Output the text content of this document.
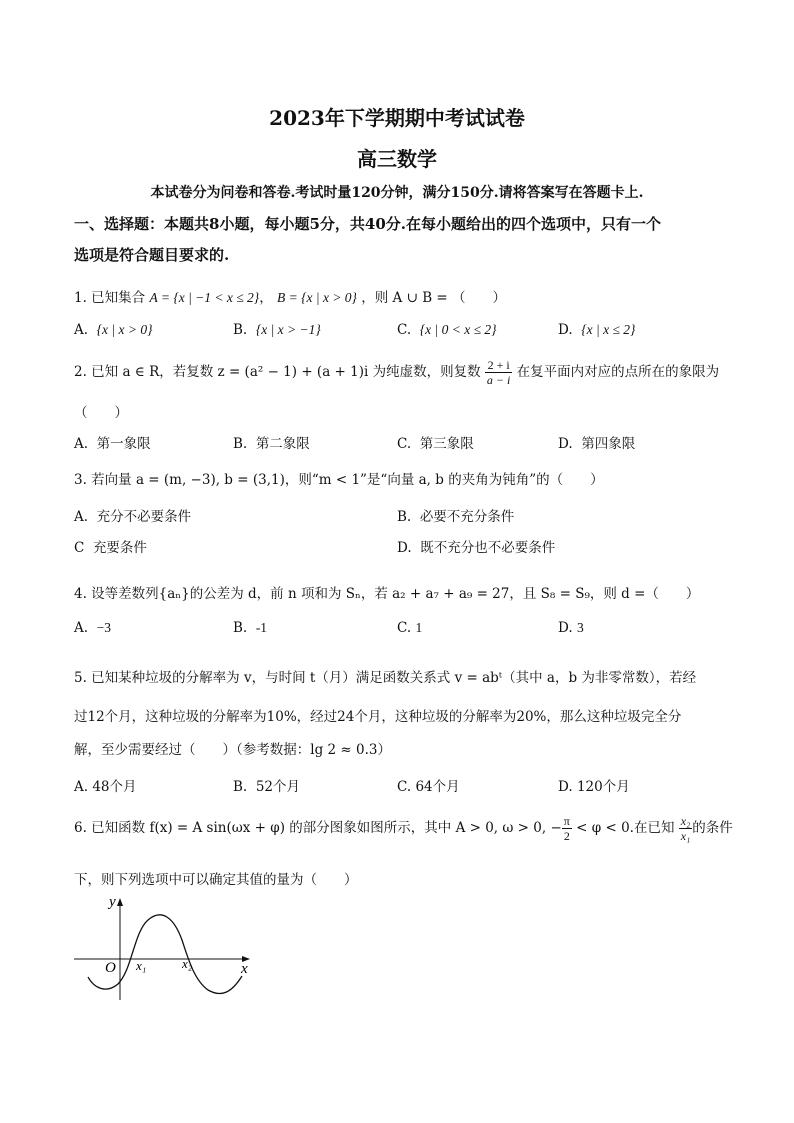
2023年下学期期中考试试卷
高三数学
本试卷分为问卷和答卷.考试时量120分钟，满分150分.请将答案写在答题卡上.
一、选择题：本题共8小题，每小题5分，共40分.在每小题给出的四个选项中，只有一个
选项是符合题目要求的.
1. 已知集合 A = {x | −1 < x ≤ 2}， B = {x | x > 0} ，则 A ∪ B = （　　）
A. {x | x > 0}	B. {x | x > −1}	C. {x | 0 < x ≤ 2}	D. {x | x ≤ 2}
2. 已知 a ∈ R，若复数 z = (a² − 1) + (a + 1)i 为纯虚数，则复数 $\frac{2 + i}{a - i}$ 在复平面内对应的点所在的象限为
（　　）
A. 第一象限	B. 第二象限	C. 第三象限	D. 第四象限
3. 若向量 a = (m, −3), b = (3,1)，则“m < 1”是“向量 a, b 的夹角为钝角”的（　　）
A. 充分不必要条件	B. 必要不充分条件
C 充要条件	D. 既不充分也不必要条件
4. 设等差数列{aₙ}的公差为 d，前 n 项和为 Sₙ，若 a₂ + a₇ + a₉ = 27，且 S₈ = S₉，则 d =（　　）
A. −3	B. -1	C. 1	D. 3
5. 已知某种垃圾的分解率为 v，与时间 t（月）满足函数关系式 v = abᵗ（其中 a，b 为非零常数），若经
过12个月，这种垃圾的分解率为10%，经过24个月，这种垃圾的分解率为20%，那么这种垃圾完全分
解，至少需要经过（　　）（参考数据：lg 2 ≈ 0.3）
A. 48个月	B. 52个月	C. 64个月	D. 120个月
6. 已知函数 f(x) = A sin(ωx + φ) 的部分图象如图所示，其中 A > 0, ω > 0, − $\frac{\pi}{2} < \varphi < 0$.在已知 $\frac{\text{x₂}}{\text{x₁}}$ 的条件
下，则下列选项中可以确定其值的量为（　　）
y
x
O x₁	x₂
